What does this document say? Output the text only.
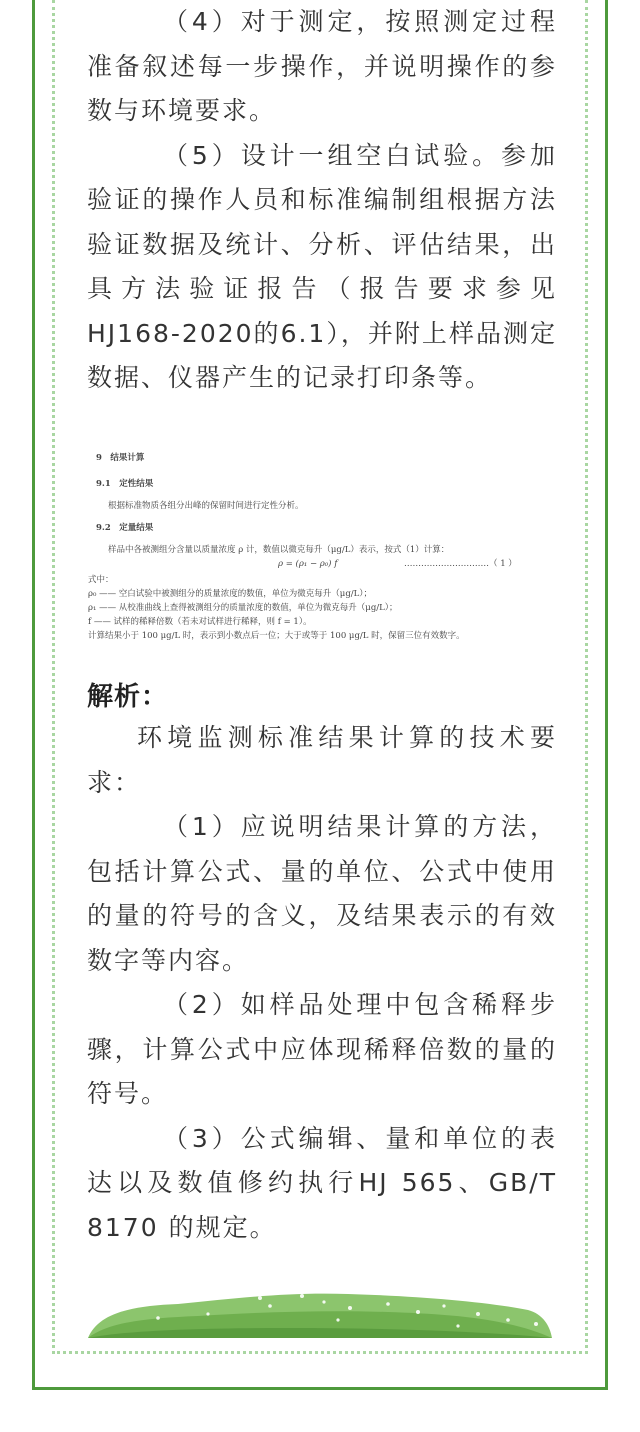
（4）对于测定，按照测定过程准备叙述每一步操作，并说明操作的参数与环境要求。

（5）设计一组空白试验。参加验证的操作人员和标准编制组根据方法验证数据及统计、分析、评估结果，出具方法验证报告（报告要求参见HJ168-2020的6.1），并附上样品测定数据、仪器产生的记录打印条等。

9　结果计算
9.1　定性结果
根据标准物质各组分出峰的保留时间进行定性分析。
9.2　定量结果
样品中各被测组分含量以质量浓度 ρ 计，数值以微克每升（μg/L）表示，按式（1）计算：
ρ = (ρ₁ − ρ₀) f	…………………………（ 1 ）
式中：
ρ₀ —— 空白试验中被测组分的质量浓度的数值，单位为微克每升（μg/L）；
ρ₁ —— 从校准曲线上查得被测组分的质量浓度的数值，单位为微克每升（μg/L）；
f —— 试样的稀释倍数（若未对试样进行稀释，则 f = 1）。
计算结果小于 100 μg/L 时，表示到小数点后一位；大于或等于 100 μg/L 时，保留三位有效数字。
解析：

环境监测标准结果计算的技术要求：

（1）应说明结果计算的方法，包括计算公式、量的单位、公式中使用的量的符号的含义，及结果表示的有效数字等内容。

（2）如样品处理中包含稀释步骤，计算公式中应体现稀释倍数的量的符号。

（3）公式编辑、量和单位的表达以及数值修约执行HJ 565、GB/T 8170 的规定。
